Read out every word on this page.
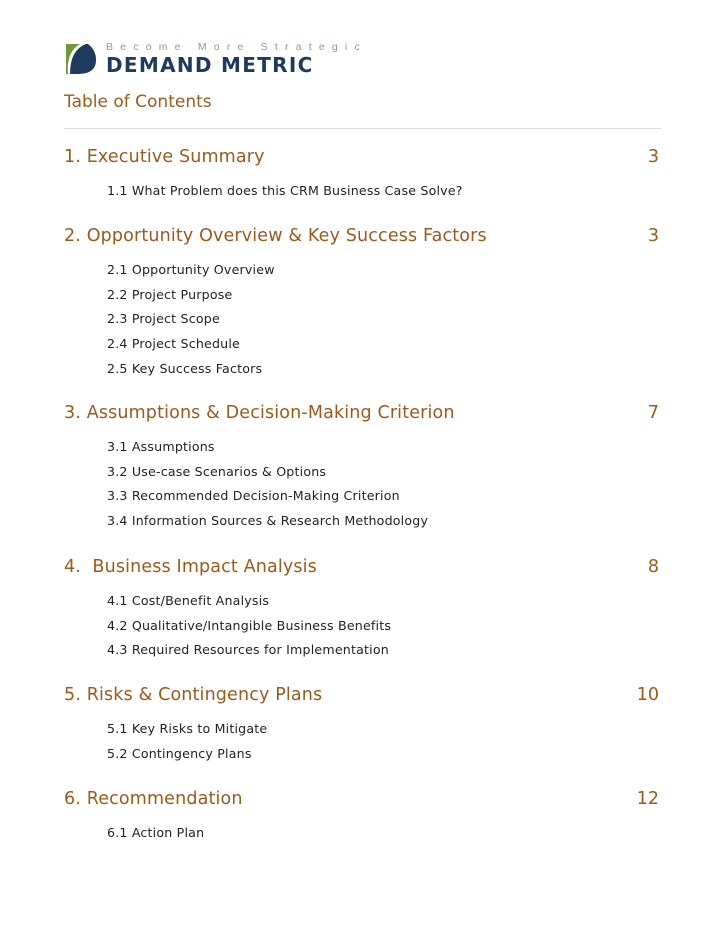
Become More Strategic
DEMAND METRIC
Table of Contents
1. Executive Summary	3
1.1 What Problem does this CRM Business Case Solve?
2. Opportunity Overview & Key Success Factors	3
2.1 Opportunity Overview
2.2 Project Purpose
2.3 Project Scope
2.4 Project Schedule
2.5 Key Success Factors
3. Assumptions & Decision-Making Criterion	7
3.1 Assumptions
3.2 Use-case Scenarios & Options
3.3 Recommended Decision-Making Criterion
3.4 Information Sources & Research Methodology
4.  Business Impact Analysis	8
4.1 Cost/Benefit Analysis
4.2 Qualitative/Intangible Business Benefits
4.3 Required Resources for Implementation
5. Risks & Contingency Plans	10
5.1 Key Risks to Mitigate
5.2 Contingency Plans
6. Recommendation	12
6.1 Action Plan
